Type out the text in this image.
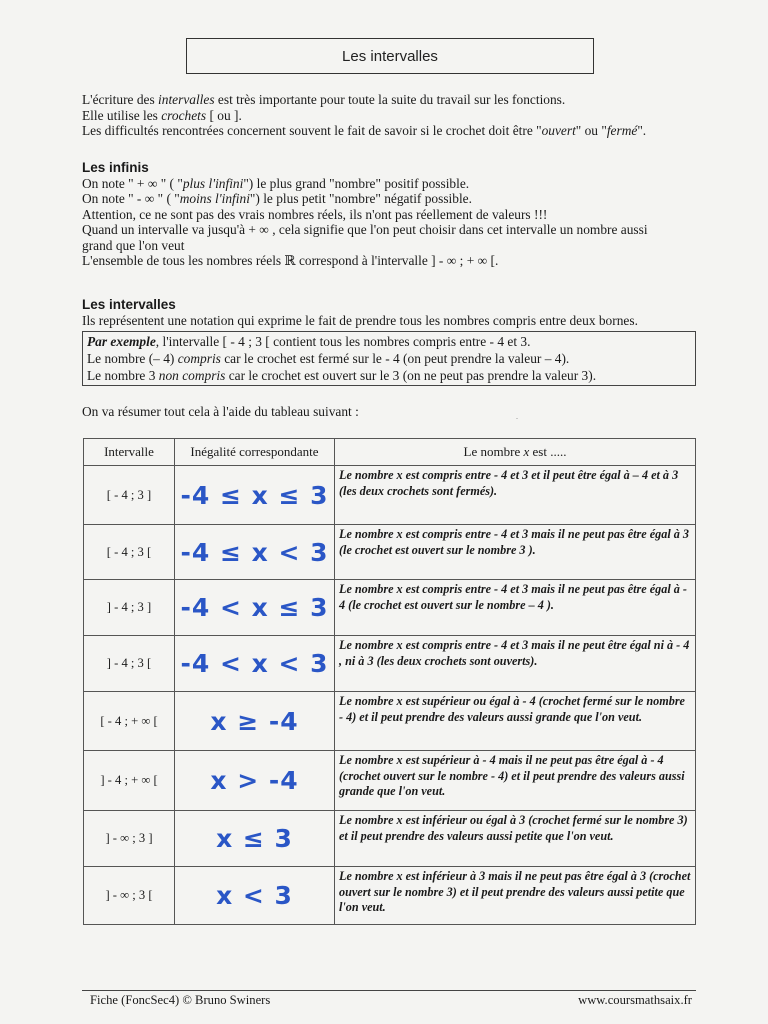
Les intervalles
L'écriture des intervalles est très importante pour toute la suite du travail sur les fonctions.
Elle utilise les crochets [ ou ].
Les difficultés rencontrées concernent souvent le fait de savoir si le crochet doit être "ouvert" ou "fermé".
Les infinis
On note " + ∞ " ( "plus l'infini") le plus grand "nombre" positif possible.
On note " - ∞ " ( "moins l'infini") le plus petit "nombre" négatif possible.
Attention, ce ne sont pas des vrais nombres réels, ils n'ont pas réellement de valeurs !!!
Quand un intervalle va jusqu'à + ∞ , cela signifie que l'on peut choisir dans cet intervalle un nombre aussi
grand que l'on veut
L'ensemble de tous les nombres réels ℝ correspond à l'intervalle ] - ∞ ; + ∞ [.
Les intervalles
Ils représentent une notation qui exprime le fait de prendre tous les nombres compris entre deux bornes.
Par exemple, l'intervalle [ - 4 ; 3 [ contient tous les nombres compris entre - 4 et 3.
Le nombre (– 4) compris car le crochet est fermé sur le - 4 (on peut prendre la valeur – 4).
Le nombre 3 non compris car le crochet est ouvert sur le 3 (on ne peut pas prendre la valeur 3).
On va résumer tout cela à l'aide du tableau suivant :	.
Intervalle	Inégalité correspondante	Le nombre x est .....
[ - 4 ; 3 ]	-4 ≤ x ≤ 3	Le nombre x est compris entre - 4 et 3 et il peut être égal à – 4 et à 3 (les deux crochets sont fermés).
[ - 4 ; 3 [	-4 ≤ x < 3	Le nombre x est compris entre - 4 et 3 mais il ne peut pas être égal à 3 (le crochet est ouvert sur le nombre 3 ).
] - 4 ; 3 ]	-4 < x ≤ 3	Le nombre x est compris entre - 4 et 3 mais il ne peut pas être égal à - 4 (le crochet est ouvert sur le nombre – 4 ).
] - 4 ; 3 [	-4 < x < 3	Le nombre x est compris entre - 4 et 3 mais il ne peut être égal ni à - 4 , ni à 3 (les deux crochets sont ouverts).
[ - 4 ; + ∞ [	x ≥ -4	Le nombre x est supérieur ou égal à - 4 (crochet fermé sur le nombre - 4) et il peut prendre des valeurs aussi grande que l'on veut.
] - 4 ; + ∞ [	x > -4	Le nombre x est supérieur à - 4 mais il ne peut pas être égal à - 4 (crochet ouvert sur le nombre - 4) et il peut prendre des valeurs aussi grande que l'on veut.
] - ∞ ; 3 ]	x ≤ 3	Le nombre x est inférieur ou égal à 3 (crochet fermé sur le nombre 3) et il peut prendre des valeurs aussi petite que l'on veut.
] - ∞ ; 3 [	x < 3	Le nombre x est inférieur à 3 mais il ne peut pas être égal à 3 (crochet ouvert sur le nombre 3) et il peut prendre des valeurs aussi petite que l'on veut.
Fiche (FoncSec4) © Bruno Swiners	www.coursmathsaix.fr
